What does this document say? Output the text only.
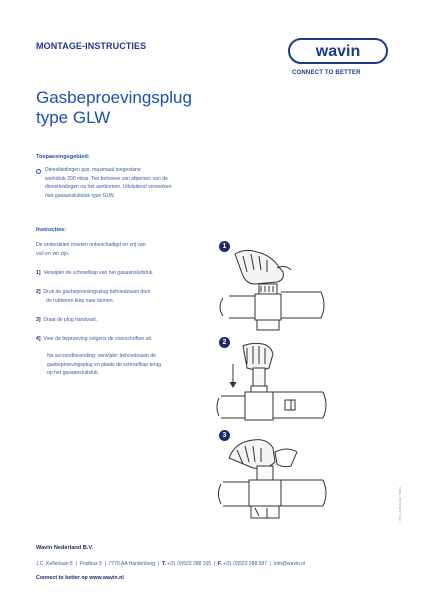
MONTAGE-INSTRUCTIES	wavin
CONNECT TO BETTER
Gasbeproevingsplug
type GLW
Toepassingsgebied:
Dienstleidingen gas, maximaal toegestane
werkdruk 200 mbar. Ten behoeve van afpersen van de
dienstleidingen na het aanbomen. Uitsluitend verwerken
met gasaansluitstuk type GLW.
Instructies:
De onderdelen moeten onbeschadigd en vrij van
vuil en vet zijn.
1] Verwijder de schroefkap van het gasaansluitstuk.
2] Druk de gasbeproevingsplug behoedzaam door
de rubberen klep naar binnen.
3] Draai de plug handvast.
4] Voer de beproeving volgens de voorschriften uit.
Na accoordbevinding: verwijder behoedzaam de
gasbeproevingsplug en plaats de schroefkap terug
op het gasaansluitstuk.
1
2
3
1744 1.5.09 Artikel. 70003
Wavin Nederland B.V.
J.C. Kellerlaan 8  |  Postbus 5  |  7770 AA Hardenberg  |  T. +31 (0)523 288 165  |  F. +31 (0)523 288 587  |  info@wavin.nl
Connect to better op www.wavin.nl
